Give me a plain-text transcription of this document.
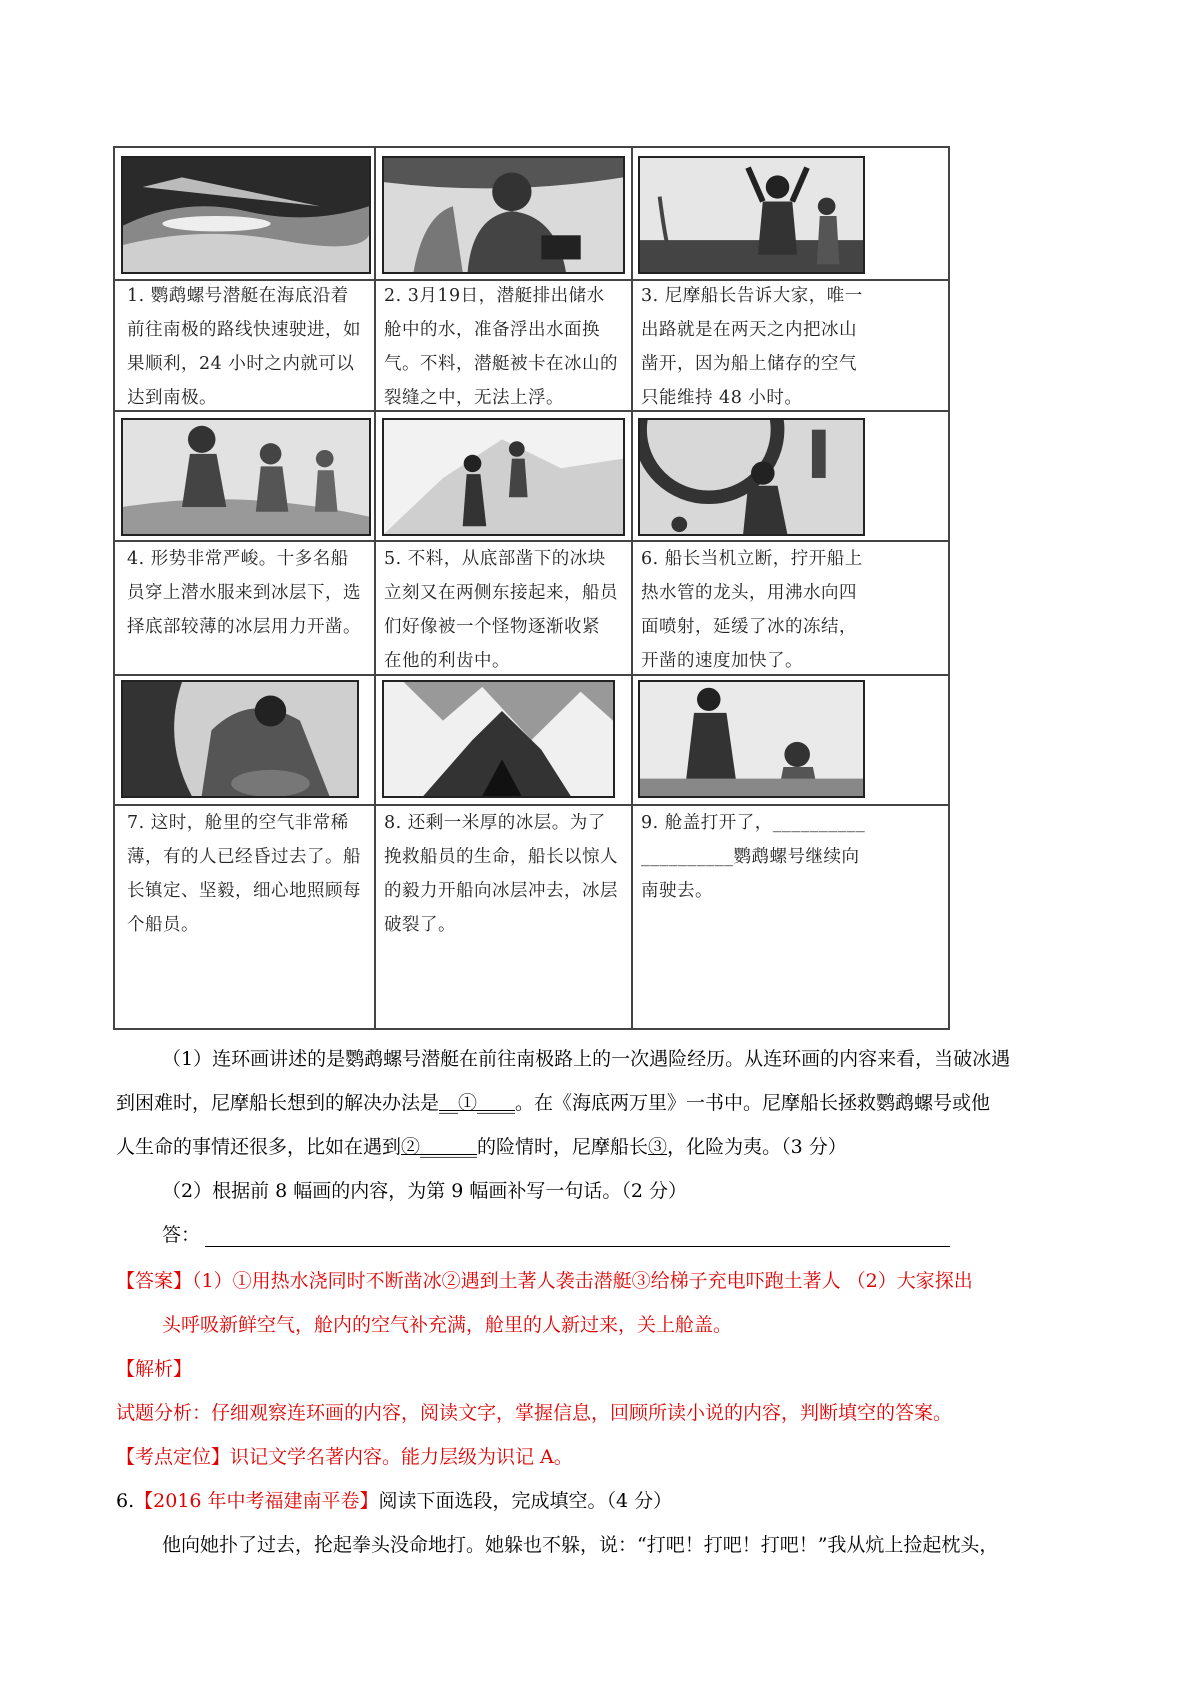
1. 鹦鹉螺号潜艇在海底沿着
前往南极的路线快速驶进，如
果顺利，24 小时之内就可以
达到南极。
2. 3月19日，潜艇排出储水
舱中的水，准备浮出水面换
气。不料，潜艇被卡在冰山的
裂缝之中，无法上浮。
3. 尼摩船长告诉大家，唯一
出路就是在两天之内把冰山
凿开，因为船上储存的空气
只能维持 48 小时。
4. 形势非常严峻。十多名船
员穿上潜水服来到冰层下，选
择底部较薄的冰层用力开凿。
5. 不料，从底部凿下的冰块
立刻又在两侧东接起来，船员
们好像被一个怪物逐渐收紧
在他的利齿中。
6. 船长当机立断，拧开船上
热水管的龙头，用沸水向四
面喷射，延缓了冰的冻结，
开凿的速度加快了。
7. 这时，舱里的空气非常稀
薄，有的人已经昏过去了。船
长镇定、坚毅，细心地照顾每
个船员。
8. 还剩一米厚的冰层。为了
挽救船员的生命，船长以惊人
的毅力开船向冰层冲去，冰层
破裂了。
9. 舱盖打开了，__________
__________鹦鹉螺号继续向
南驶去。
（1）连环画讲述的是鹦鹉螺号潜艇在前往南极路上的一次遇险经历。从连环画的内容来看，当破冰遇
到困难时，尼摩船长想到的解决办法是__①____。在《海底两万里》一书中。尼摩船长拯救鹦鹉螺号或他
人生命的事情还很多，比如在遇到②______的险情时，尼摩船长③，化险为夷。（3 分）
（2）根据前 8 幅画的内容，为第 9 幅画补写一句话。（2 分）
答：
【答案】（1）①用热水浇同时不断凿冰②遇到土著人袭击潜艇③给梯子充电吓跑土著人 （2）大家探出
头呼吸新鲜空气，舱内的空气补充满，舱里的人新过来，关上舱盖。
【解析】
试题分析：仔细观察连环画的内容，阅读文字，掌握信息，回顾所读小说的内容，判断填空的答案。
【考点定位】识记文学名著内容。能力层级为识记 A。
6.【2016 年中考福建南平卷】阅读下面选段，完成填空。（4 分）
他向她扑了过去，抡起拳头没命地打。她躲也不躲，说：“打吧！打吧！打吧！”我从炕上捡起枕头，
